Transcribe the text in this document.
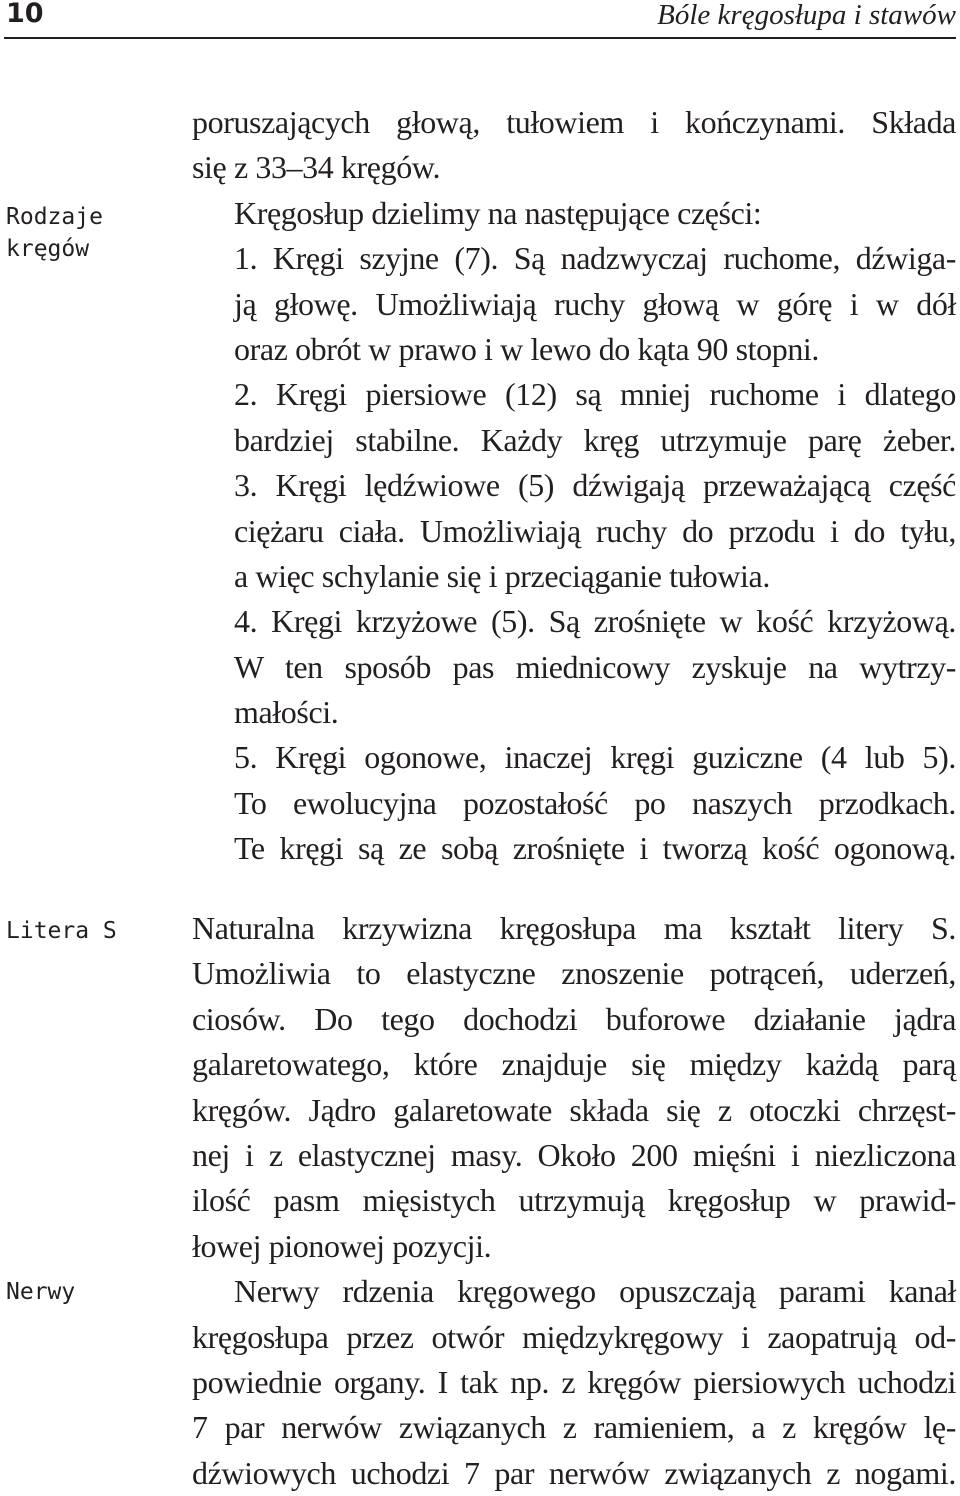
10	Bóle kręgosłupa i stawów
Rodzaje
kręgów
Litera S
Nerwy
poruszających głową, tułowiem i kończynami. Składa
się z 33–34 kręgów.
Kręgosłup dzielimy na następujące części:
1. Kręgi szyjne (7). Są nadzwyczaj ruchome, dźwiga-
ją głowę. Umożliwiają ruchy głową w górę i w dół
oraz obrót w prawo i w lewo do kąta 90 stopni.
2. Kręgi piersiowe (12) są mniej ruchome i dlatego
bardziej stabilne. Każdy kręg utrzymuje parę żeber.
3. Kręgi lędźwiowe (5) dźwigają przeważającą część
ciężaru ciała. Umożliwiają ruchy do przodu i do tyłu,
a więc schylanie się i przeciąganie tułowia.
4. Kręgi krzyżowe (5). Są zrośnięte w kość krzyżową.
W ten sposób pas miednicowy zyskuje na wytrzy-
małości.
5. Kręgi ogonowe, inaczej kręgi guziczne (4 lub 5).
To ewolucyjna pozostałość po naszych przodkach.
Te kręgi są ze sobą zrośnięte i tworzą kość ogonową.
Naturalna krzywizna kręgosłupa ma kształt litery S.
Umożliwia to elastyczne znoszenie potrąceń, uderzeń,
ciosów. Do tego dochodzi buforowe działanie jądra
galaretowatego, które znajduje się między każdą parą
kręgów. Jądro galaretowate składa się z otoczki chrzęst-
nej i z elastycznej masy. Około 200 mięśni i niezliczona
ilość pasm mięsistych utrzymują kręgosłup w prawid-
łowej pionowej pozycji.
Nerwy rdzenia kręgowego opuszczają parami kanał
kręgosłupa przez otwór międzykręgowy i zaopatrują od-
powiednie organy. I tak np. z kręgów piersiowych uchodzi
7 par nerwów związanych z ramieniem, a z kręgów lę-
dźwiowych uchodzi 7 par nerwów związanych z nogami.
